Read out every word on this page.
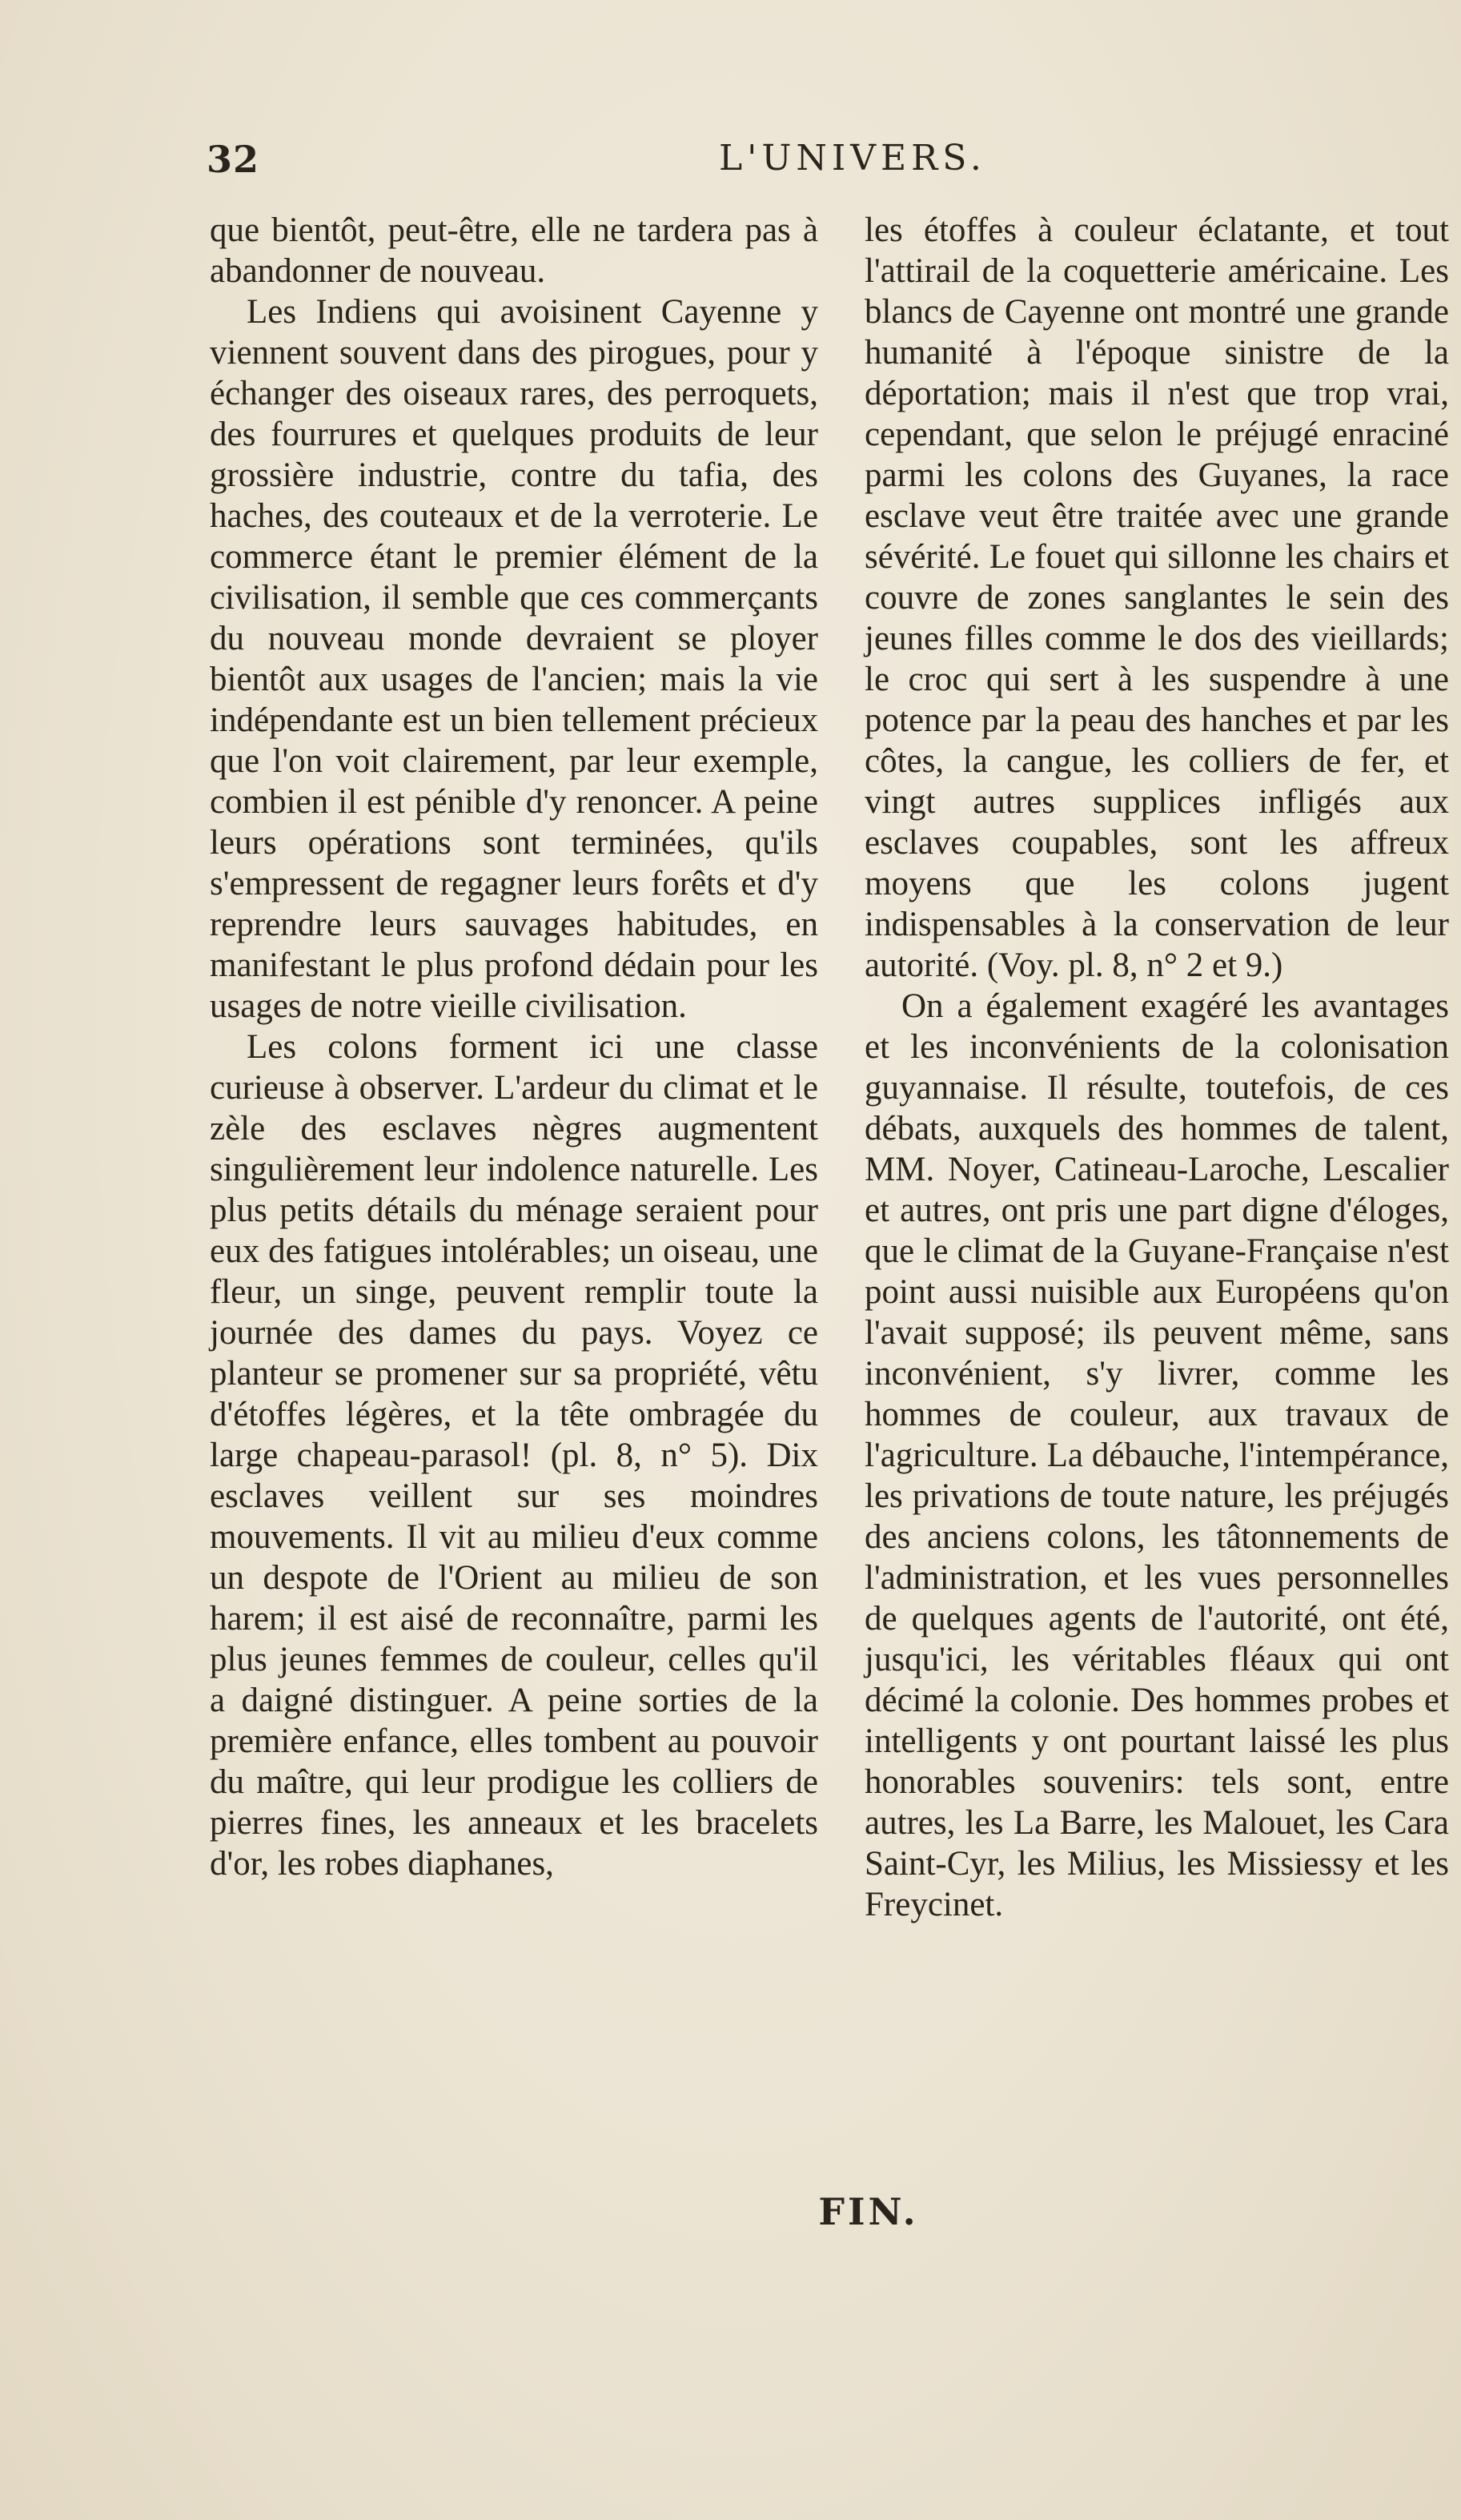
32	L'UNIVERS.

que bientôt, peut-être, elle ne tardera pas à abandonner de nouveau.

Les Indiens qui avoisinent Cayenne y viennent souvent dans des pirogues, pour y échanger des oiseaux rares, des perroquets, des fourrures et quelques produits de leur grossière industrie, contre du tafia, des haches, des couteaux et de la verroterie. Le commerce étant le premier élément de la civilisation, il semble que ces commerçants du nouveau monde devraient se ployer bientôt aux usages de l'ancien; mais la vie indépendante est un bien tellement précieux que l'on voit clairement, par leur exemple, combien il est pénible d'y renoncer. A peine leurs opérations sont terminées, qu'ils s'empressent de regagner leurs forêts et d'y reprendre leurs sauvages habitudes, en manifestant le plus profond dédain pour les usages de notre vieille civilisation.

Les colons forment ici une classe curieuse à observer. L'ardeur du climat et le zèle des esclaves nègres augmentent singulièrement leur indolence naturelle. Les plus petits détails du ménage seraient pour eux des fatigues intolérables; un oiseau, une fleur, un singe, peuvent remplir toute la journée des dames du pays. Voyez ce planteur se promener sur sa propriété, vêtu d'étoffes légères, et la tête ombragée du large chapeau-parasol! (pl. 8, n° 5). Dix esclaves veillent sur ses moindres mouvements. Il vit au milieu d'eux comme un despote de l'Orient au milieu de son harem; il est aisé de reconnaître, parmi les plus jeunes femmes de couleur, celles qu'il a daigné distinguer. A peine sorties de la première enfance, elles tombent au pouvoir du maître, qui leur prodigue les colliers de pierres fines, les anneaux et les bracelets d'or, les robes diaphanes,

les étoffes à couleur éclatante, et tout l'attirail de la coquetterie américaine. Les blancs de Cayenne ont montré une grande humanité à l'époque sinistre de la déportation; mais il n'est que trop vrai, cependant, que selon le préjugé enraciné parmi les colons des Guyanes, la race esclave veut être traitée avec une grande sévérité. Le fouet qui sillonne les chairs et couvre de zones sanglantes le sein des jeunes filles comme le dos des vieillards; le croc qui sert à les suspendre à une potence par la peau des hanches et par les côtes, la cangue, les colliers de fer, et vingt autres supplices infligés aux esclaves coupables, sont les affreux moyens que les colons jugent indispensables à la conservation de leur autorité. (Voy. pl. 8, n° 2 et 9.)

On a également exagéré les avantages et les inconvénients de la colonisation guyannaise. Il résulte, toutefois, de ces débats, auxquels des hommes de talent, MM. Noyer, Catineau-Laroche, Lescalier et autres, ont pris une part digne d'éloges, que le climat de la Guyane-Française n'est point aussi nuisible aux Européens qu'on l'avait supposé; ils peuvent même, sans inconvénient, s'y livrer, comme les hommes de couleur, aux travaux de l'agriculture. La débauche, l'intempérance, les privations de toute nature, les préjugés des anciens colons, les tâtonnements de l'administration, et les vues personnelles de quelques agents de l'autorité, ont été, jusqu'ici, les véritables fléaux qui ont décimé la colonie. Des hommes probes et intelligents y ont pourtant laissé les plus honorables souvenirs: tels sont, entre autres, les La Barre, les Malouet, les Cara Saint-Cyr, les Milius, les Missiessy et les Freycinet.

FIN.
